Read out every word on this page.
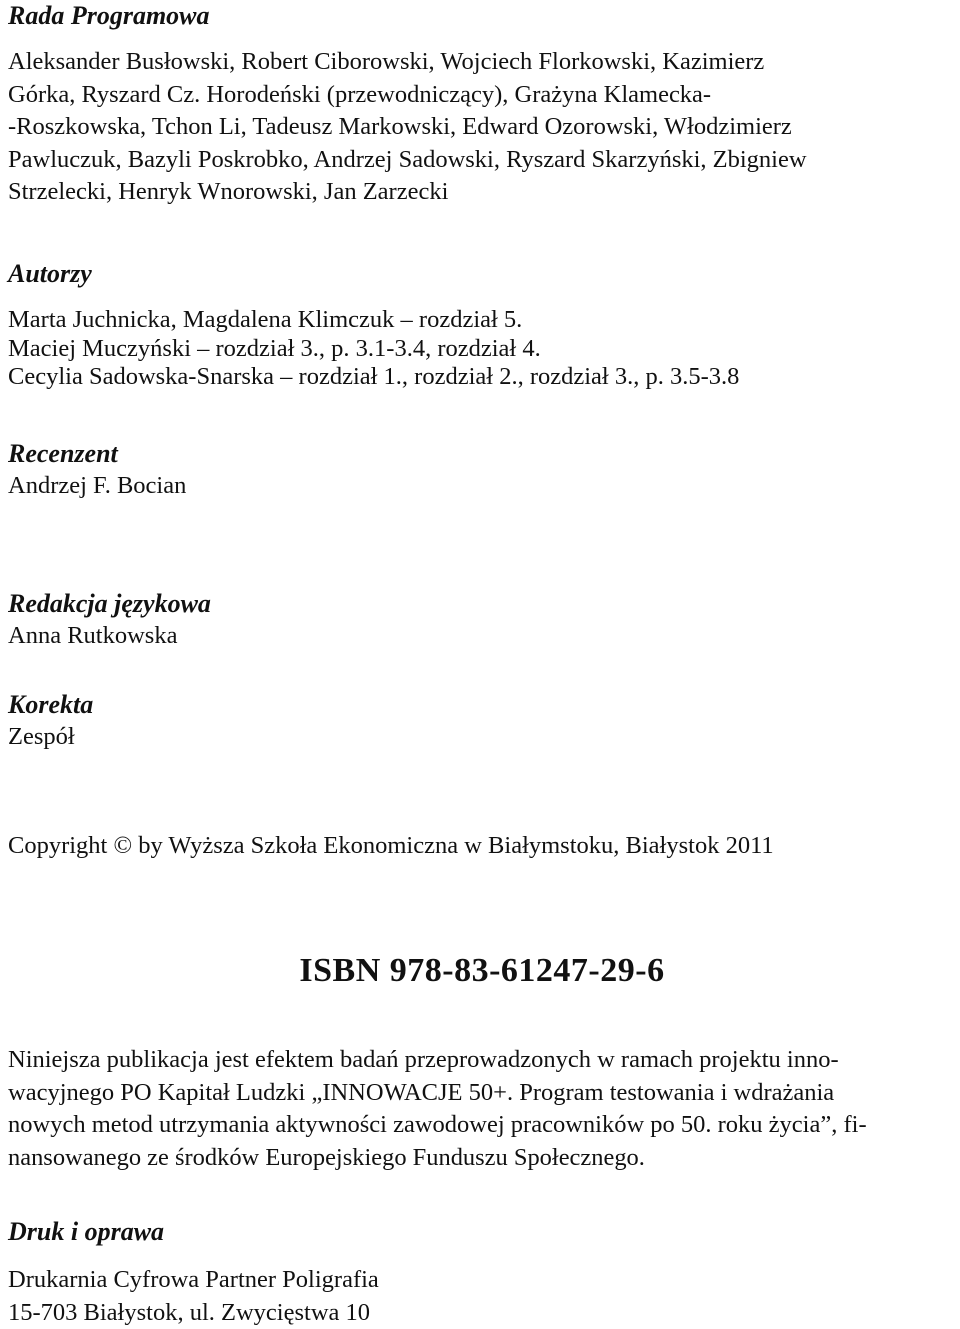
Rada Programowa
Aleksander Busłowski, Robert Ciborowski, Wojciech Florkowski, Kazimierz
Górka, Ryszard Cz. Horodeński (przewodniczący), Grażyna Klamecka-
-Roszkowska, Tchon Li, Tadeusz Markowski, Edward Ozorowski, Włodzimierz
Pawluczuk, Bazyli Poskrobko, Andrzej Sadowski, Ryszard Skarzyński, Zbigniew
Strzelecki, Henryk Wnorowski, Jan Zarzecki
Autorzy
Marta Juchnicka, Magdalena Klimczuk – rozdział 5.
Maciej Muczyński – rozdział 3., p. 3.1-3.4, rozdział 4.
Cecylia Sadowska-Snarska – rozdział 1., rozdział 2., rozdział 3., p. 3.5-3.8
Recenzent
Andrzej F. Bocian
Redakcja językowa
Anna Rutkowska
Korekta
Zespół
Copyright © by Wyższa Szkoła Ekonomiczna w Białymstoku, Białystok 2011
ISBN 978-83-61247-29-6
Niniejsza publikacja jest efektem badań przeprowadzonych w ramach projektu inno-
wacyjnego PO Kapitał Ludzki „INNOWACJE 50+. Program testowania i wdrażania
nowych metod utrzymania aktywności zawodowej pracowników po 50. roku życia”, fi-
nansowanego ze środków Europejskiego Funduszu Społecznego.
Druk i oprawa
Drukarnia Cyfrowa Partner Poligrafia
15-703 Białystok, ul. Zwycięstwa 10
